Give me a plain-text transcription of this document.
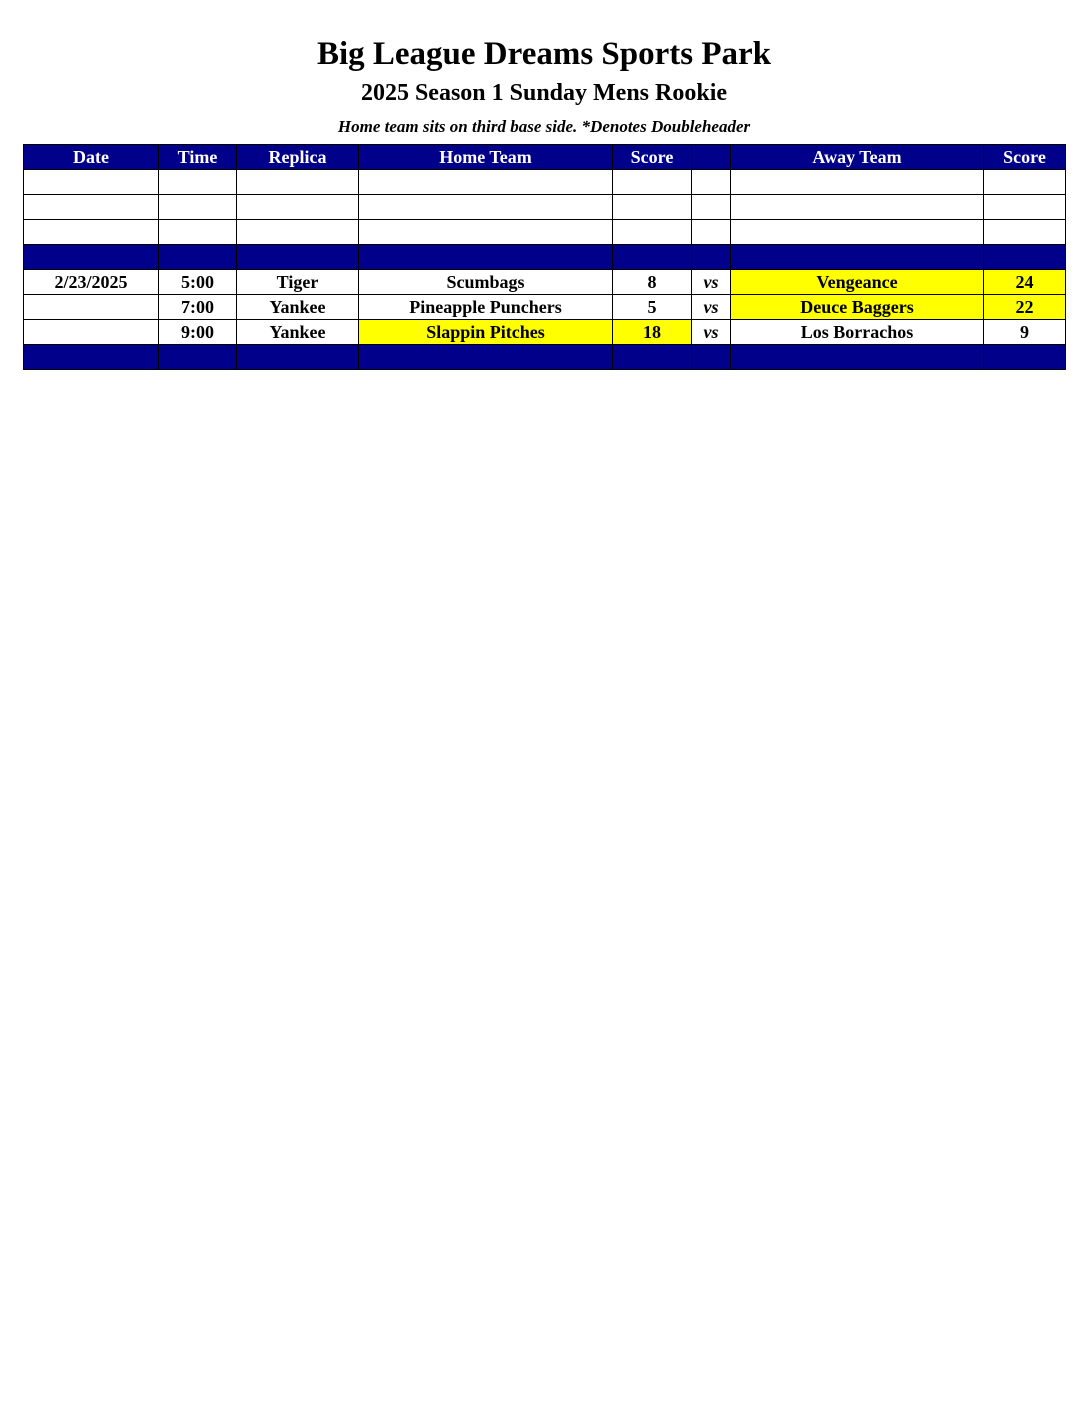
Big League Dreams Sports Park
2025 Season 1 Sunday Mens Rookie
Home team sits on third base side. *Denotes Doubleheader
Date	Time	Replica	Home Team	Score		Away Team	Score

2/23/2025	5:00	Tiger	Scumbags	8	vs	Vengeance	24
	7:00	Yankee	Pineapple Punchers	5	vs	Deuce Baggers	22
	9:00	Yankee	Slappin Pitches	18	vs	Los Borrachos	9
